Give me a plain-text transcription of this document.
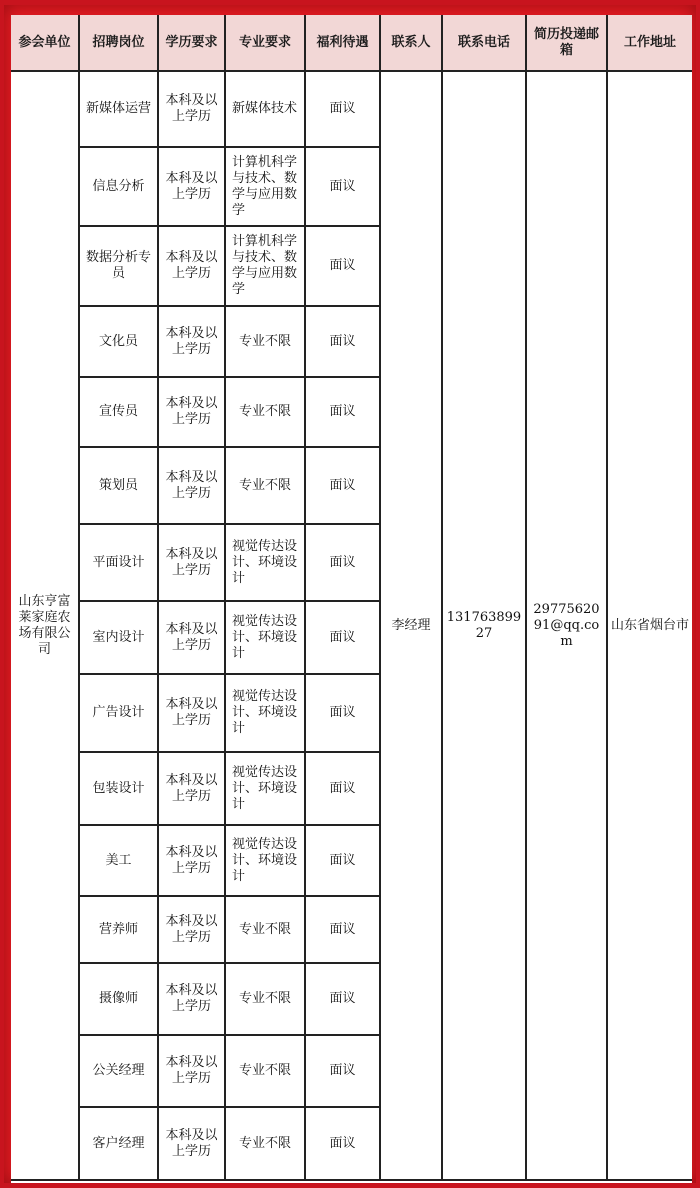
参会单位	招聘岗位	学历要求	专业要求	福利待遇	联系人	联系电话	简历投递邮箱	工作地址
山东亨富莱家庭农场有限公司	新媒体运营	本科及以上学历	新媒体技术	面议	李经理	13176389927	2977562091@qq.com	山东省烟台市
	信息分析	本科及以上学历	计算机科学与技术、数学与应用数学	面议				
	数据分析专员	本科及以上学历	计算机科学与技术、数学与应用数学	面议				
	文化员	本科及以上学历	专业不限	面议				
	宣传员	本科及以上学历	专业不限	面议				
	策划员	本科及以上学历	专业不限	面议				
	平面设计	本科及以上学历	视觉传达设计、环境设计	面议				
	室内设计	本科及以上学历	视觉传达设计、环境设计	面议				
	广告设计	本科及以上学历	视觉传达设计、环境设计	面议				
	包装设计	本科及以上学历	视觉传达设计、环境设计	面议				
	美工	本科及以上学历	视觉传达设计、环境设计	面议				
	营养师	本科及以上学历	专业不限	面议				
	摄像师	本科及以上学历	专业不限	面议				
	公关经理	本科及以上学历	专业不限	面议				
	客户经理	本科及以上学历	专业不限	面议				
